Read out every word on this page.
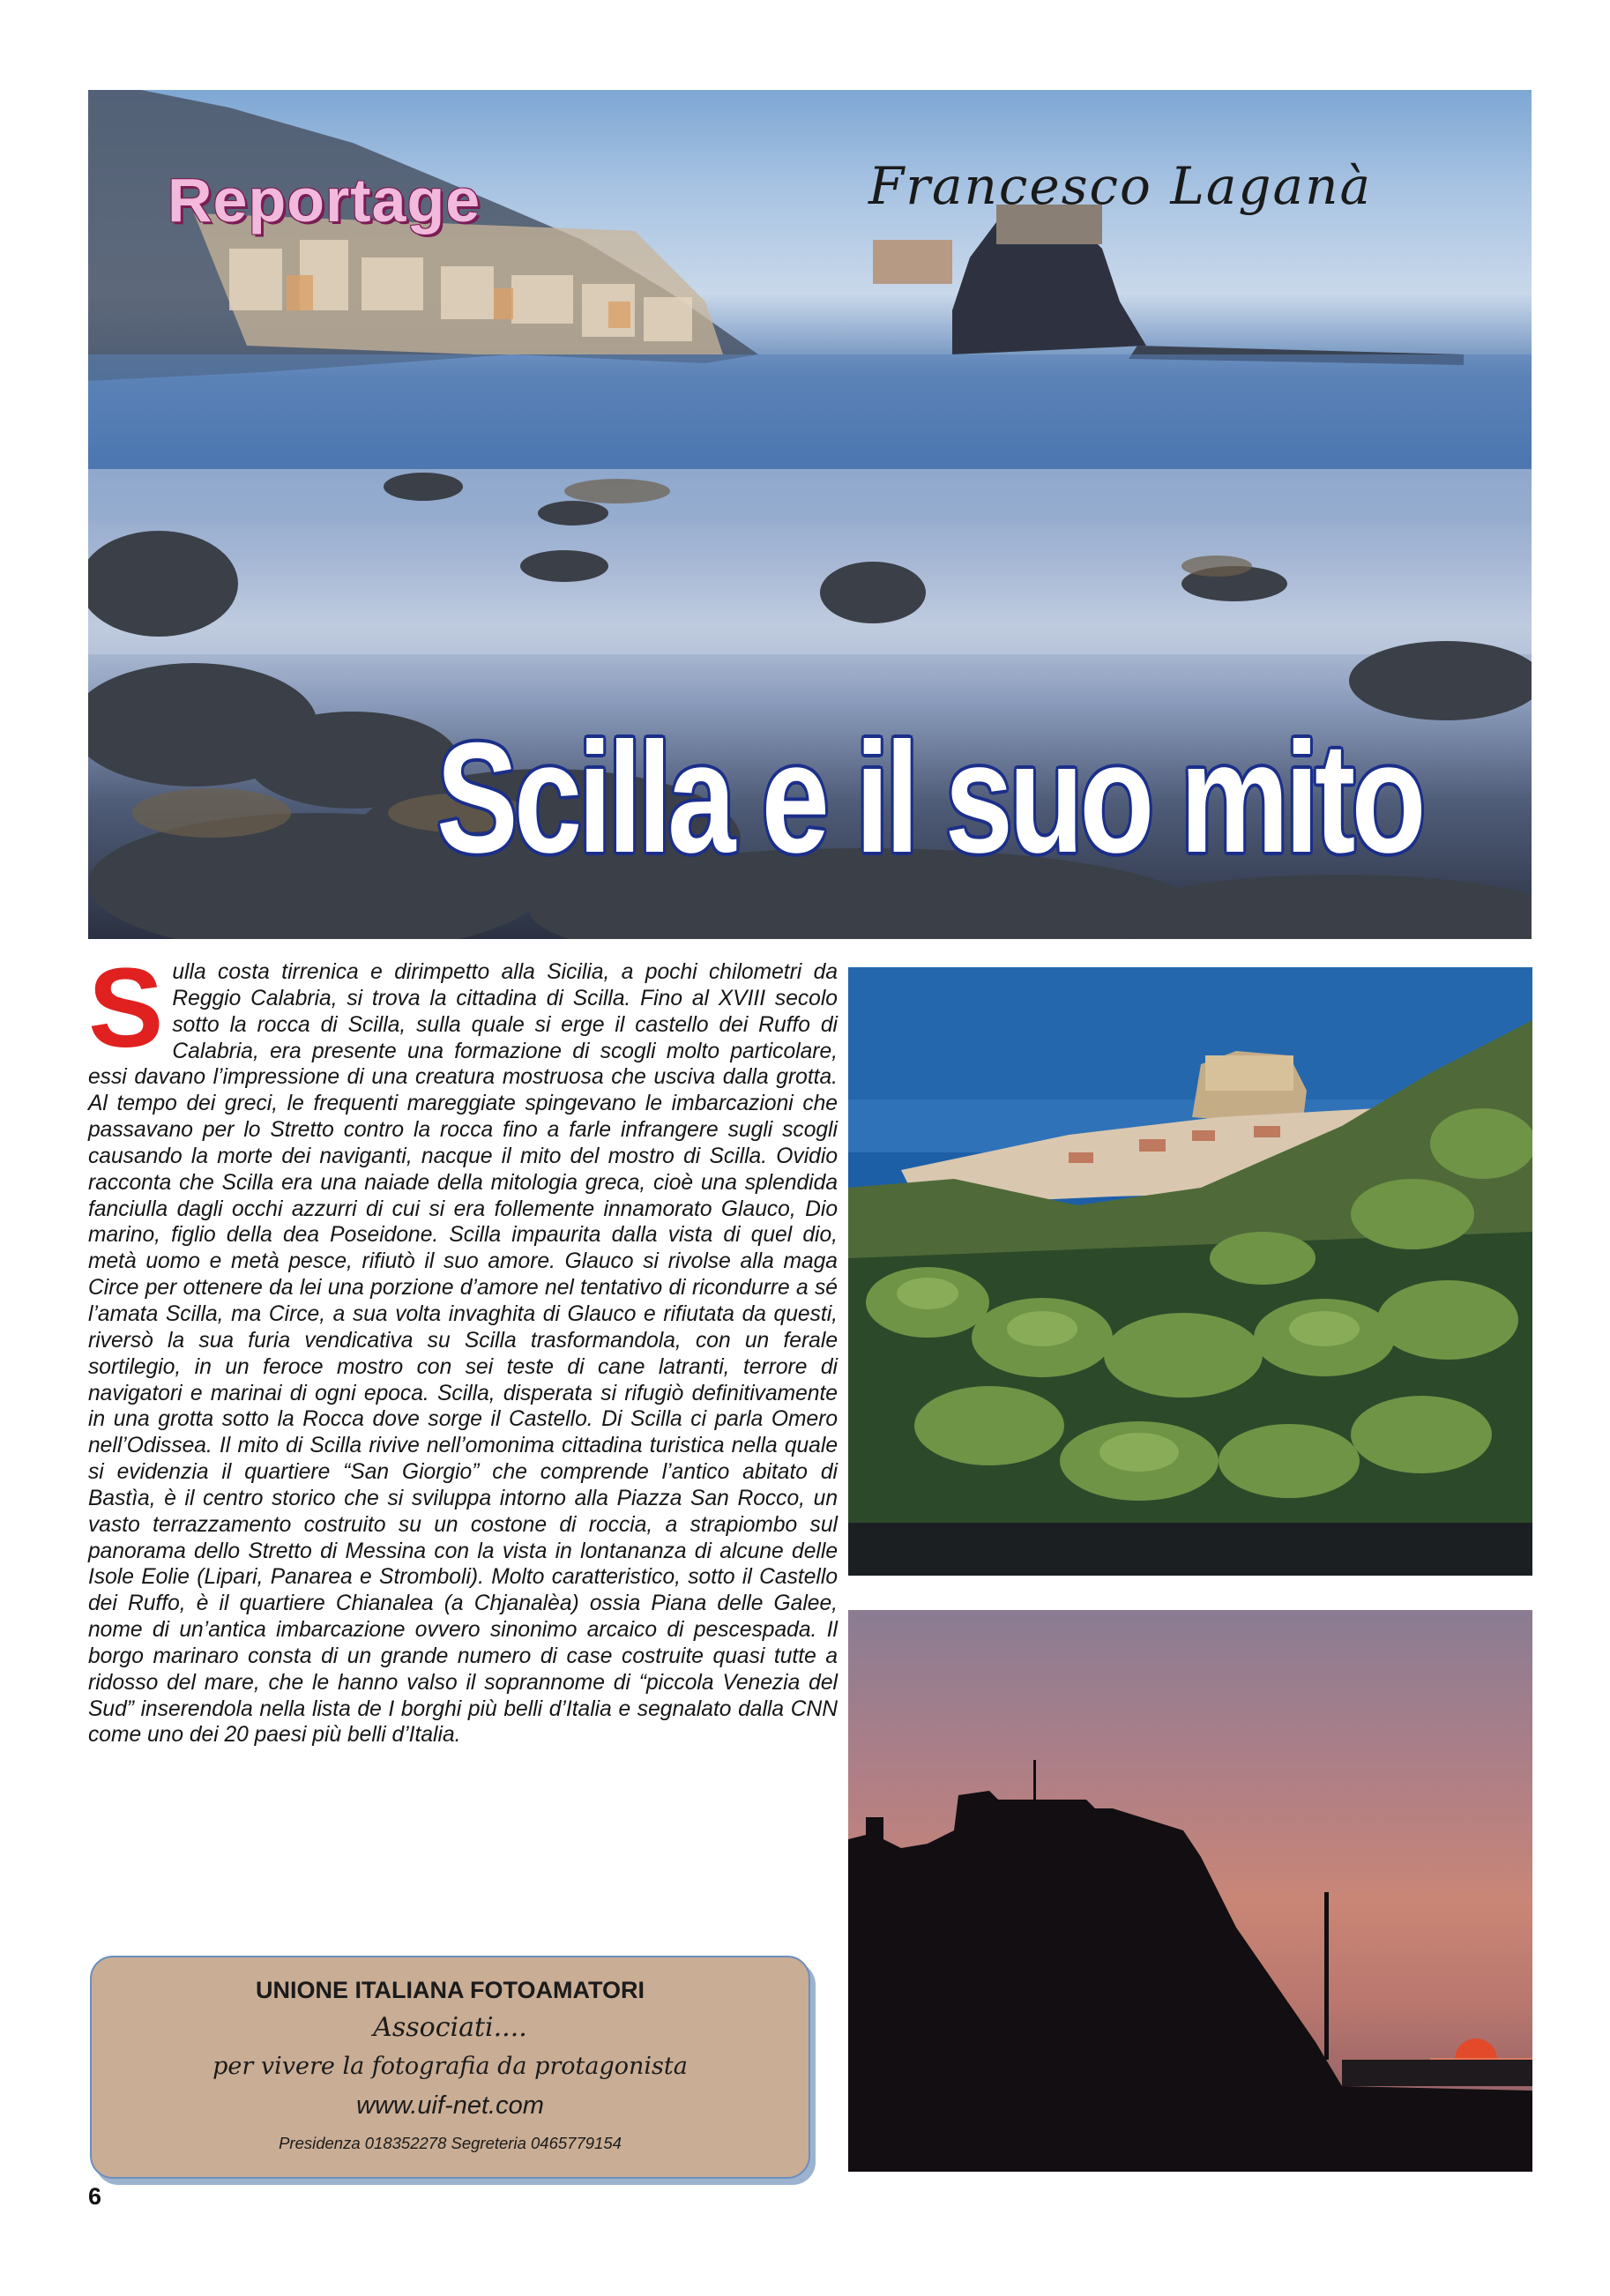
Reportage	Francesco Laganà
Scilla e il suo mito

Sulla costa tirrenica e dirimpetto alla Sicilia, a pochi chilometri da Reggio Calabria, si trova la cittadina di Scilla. Fino al XVIII secolo sotto la rocca di Scilla, sulla quale si erge il castello dei Ruffo di Calabria, era presente una formazione di scogli molto particolare, essi davano l’impressione di una creatura mostruosa che usciva dalla grotta. Al tempo dei greci, le frequenti mareggiate spingevano le imbarcazioni che passavano per lo Stretto contro la rocca fino a farle infrangere sugli scogli causando la morte dei naviganti, nacque il mito del mostro di Scilla. Ovidio racconta che Scilla era una naiade della mitologia greca, cioè una splendida fanciulla dagli occhi azzurri di cui si era follemente innamorato Glauco, Dio marino, figlio della dea Poseidone. Scilla impaurita dalla vista di quel dio, metà uomo e metà pesce, rifiutò il suo amore. Glauco si rivolse alla maga Circe per ottenere da lei una porzione d’amore nel tentativo di ricondurre a sé l’amata Scilla, ma Circe, a sua volta invaghita di Glauco e rifiutata da questi, riversò la sua furia vendicativa su Scilla trasformandola, con un ferale sortilegio, in un feroce mostro con sei teste di cane latranti, terrore di navigatori e marinai di ogni epoca. Scilla, disperata si rifugiò definitivamente in una grotta sotto la Rocca dove sorge il Castello. Di Scilla ci parla Omero nell’Odissea. Il mito di Scilla rivive nell’omonima cittadina turistica nella quale si evidenzia il quartiere “San Giorgio” che comprende l’antico abitato di Bastìa, è il centro storico che si sviluppa intorno alla Piazza San Rocco, un vasto terrazzamento costruito su un costone di roccia, a strapiombo sul panorama dello Stretto di Messina con la vista in lontananza di alcune delle Isole Eolie (Lipari, Panarea e Stromboli). Molto caratteristico, sotto il Castello dei Ruffo, è il quartiere Chianalea (a Chjanalèa) ossia Piana delle Galee, nome di un’antica imbarcazione ovvero sinonimo arcaico di pescespada. Il borgo marinaro consta di un grande numero di case costruite quasi tutte a ridosso del mare, che le hanno valso il soprannome di “piccola Venezia del Sud” inserendola nella lista de I borghi più belli d’Italia e segnalato dalla CNN come uno dei 20 paesi più belli d’Italia.

UNIONE ITALIANA FOTOAMATORI
Associati....
per vivere la fotografia da protagonista
www.uif-net.com
Presidenza 018352278 Segreteria 0465779154
6
